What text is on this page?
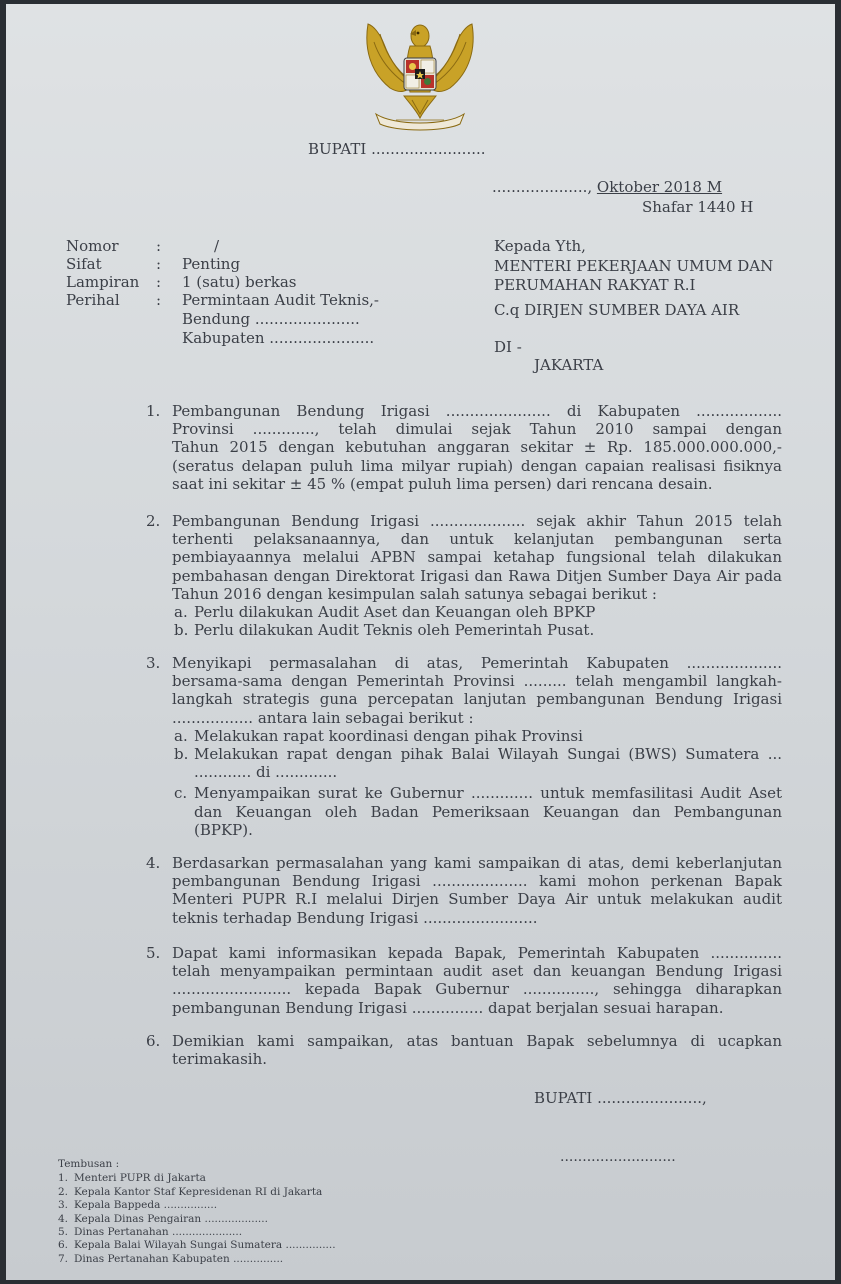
BUPATI ........................
...................., Oktober 2018 M
Shafar 1440 H
Nomor :	/
Sifat	: Penting
Lampiran : 1 (satu) berkas
Perihal : Permintaan Audit Teknis,-
Bendung ......................
Kabupaten ......................
Kepada Yth,
MENTERI PEKERJAAN UMUM DAN
PERUMAHAN RAKYAT R.I
C.q DIRJEN SUMBER DAYA AIR
DI -
JAKARTA
1. Pembangunan Bendung Irigasi ...................... di Kabupaten ..................
Provinsi ............., telah dimulai sejak Tahun 2010 sampai dengan
Tahun 2015 dengan kebutuhan anggaran sekitar ± Rp. 185.000.000.000,-
(seratus delapan puluh lima milyar rupiah) dengan capaian realisasi fisiknya
saat ini sekitar ± 45 % (empat puluh lima persen) dari rencana desain.
2. Pembangunan Bendung Irigasi .................... sejak akhir Tahun 2015 telah
terhenti pelaksanaannya, dan untuk kelanjutan pembangunan serta
pembiayaannya melalui APBN sampai ketahap fungsional telah dilakukan
pembahasan dengan Direktorat Irigasi dan Rawa Ditjen Sumber Daya Air pada
Tahun 2016 dengan kesimpulan salah satunya sebagai berikut :
a. Perlu dilakukan Audit Aset dan Keuangan oleh BPKP
b. Perlu dilakukan Audit Teknis oleh Pemerintah Pusat.
3. Menyikapi permasalahan di atas, Pemerintah Kabupaten ....................
bersama-sama dengan Pemerintah Provinsi ......... telah mengambil langkah-
langkah strategis guna percepatan lanjutan pembangunan Bendung Irigasi
................. antara lain sebagai berikut :
a. Melakukan rapat koordinasi dengan pihak Provinsi
b. Melakukan rapat dengan pihak Balai Wilayah Sungai (BWS) Sumatera ...
............ di .............
c. Menyampaikan surat ke Gubernur ............. untuk memfasilitasi Audit Aset
dan Keuangan oleh Badan Pemeriksaan Keuangan dan Pembangunan
(BPKP).
4. Berdasarkan permasalahan yang kami sampaikan di atas, demi keberlanjutan
pembangunan Bendung Irigasi .................... kami mohon perkenan Bapak
Menteri PUPR R.I melalui Dirjen Sumber Daya Air untuk melakukan audit
teknis terhadap Bendung Irigasi ........................
5. Dapat kami informasikan kepada Bapak, Pemerintah Kabupaten ...............
telah menyampaikan permintaan audit aset dan keuangan Bendung Irigasi
......................... kepada Bapak Gubernur ..............., sehingga diharapkan
pembangunan Bendung Irigasi ............... dapat berjalan sesuai harapan.
6. Demikian kami sampaikan, atas bantuan Bapak sebelumnya di ucapkan
terimakasih.
BUPATI ......................,
..........................
Tembusan :
1. Menteri PUPR di Jakarta
2. Kepala Kantor Staf Kepresidenan RI di Jakarta
3. Kepala Bappeda ................
4. Kepala Dinas Pengairan ...................
5. Dinas Pertanahan .....................
6. Kepala Balai Wilayah Sungai Sumatera ...............
7. Dinas Pertanahan Kabupaten ...............
